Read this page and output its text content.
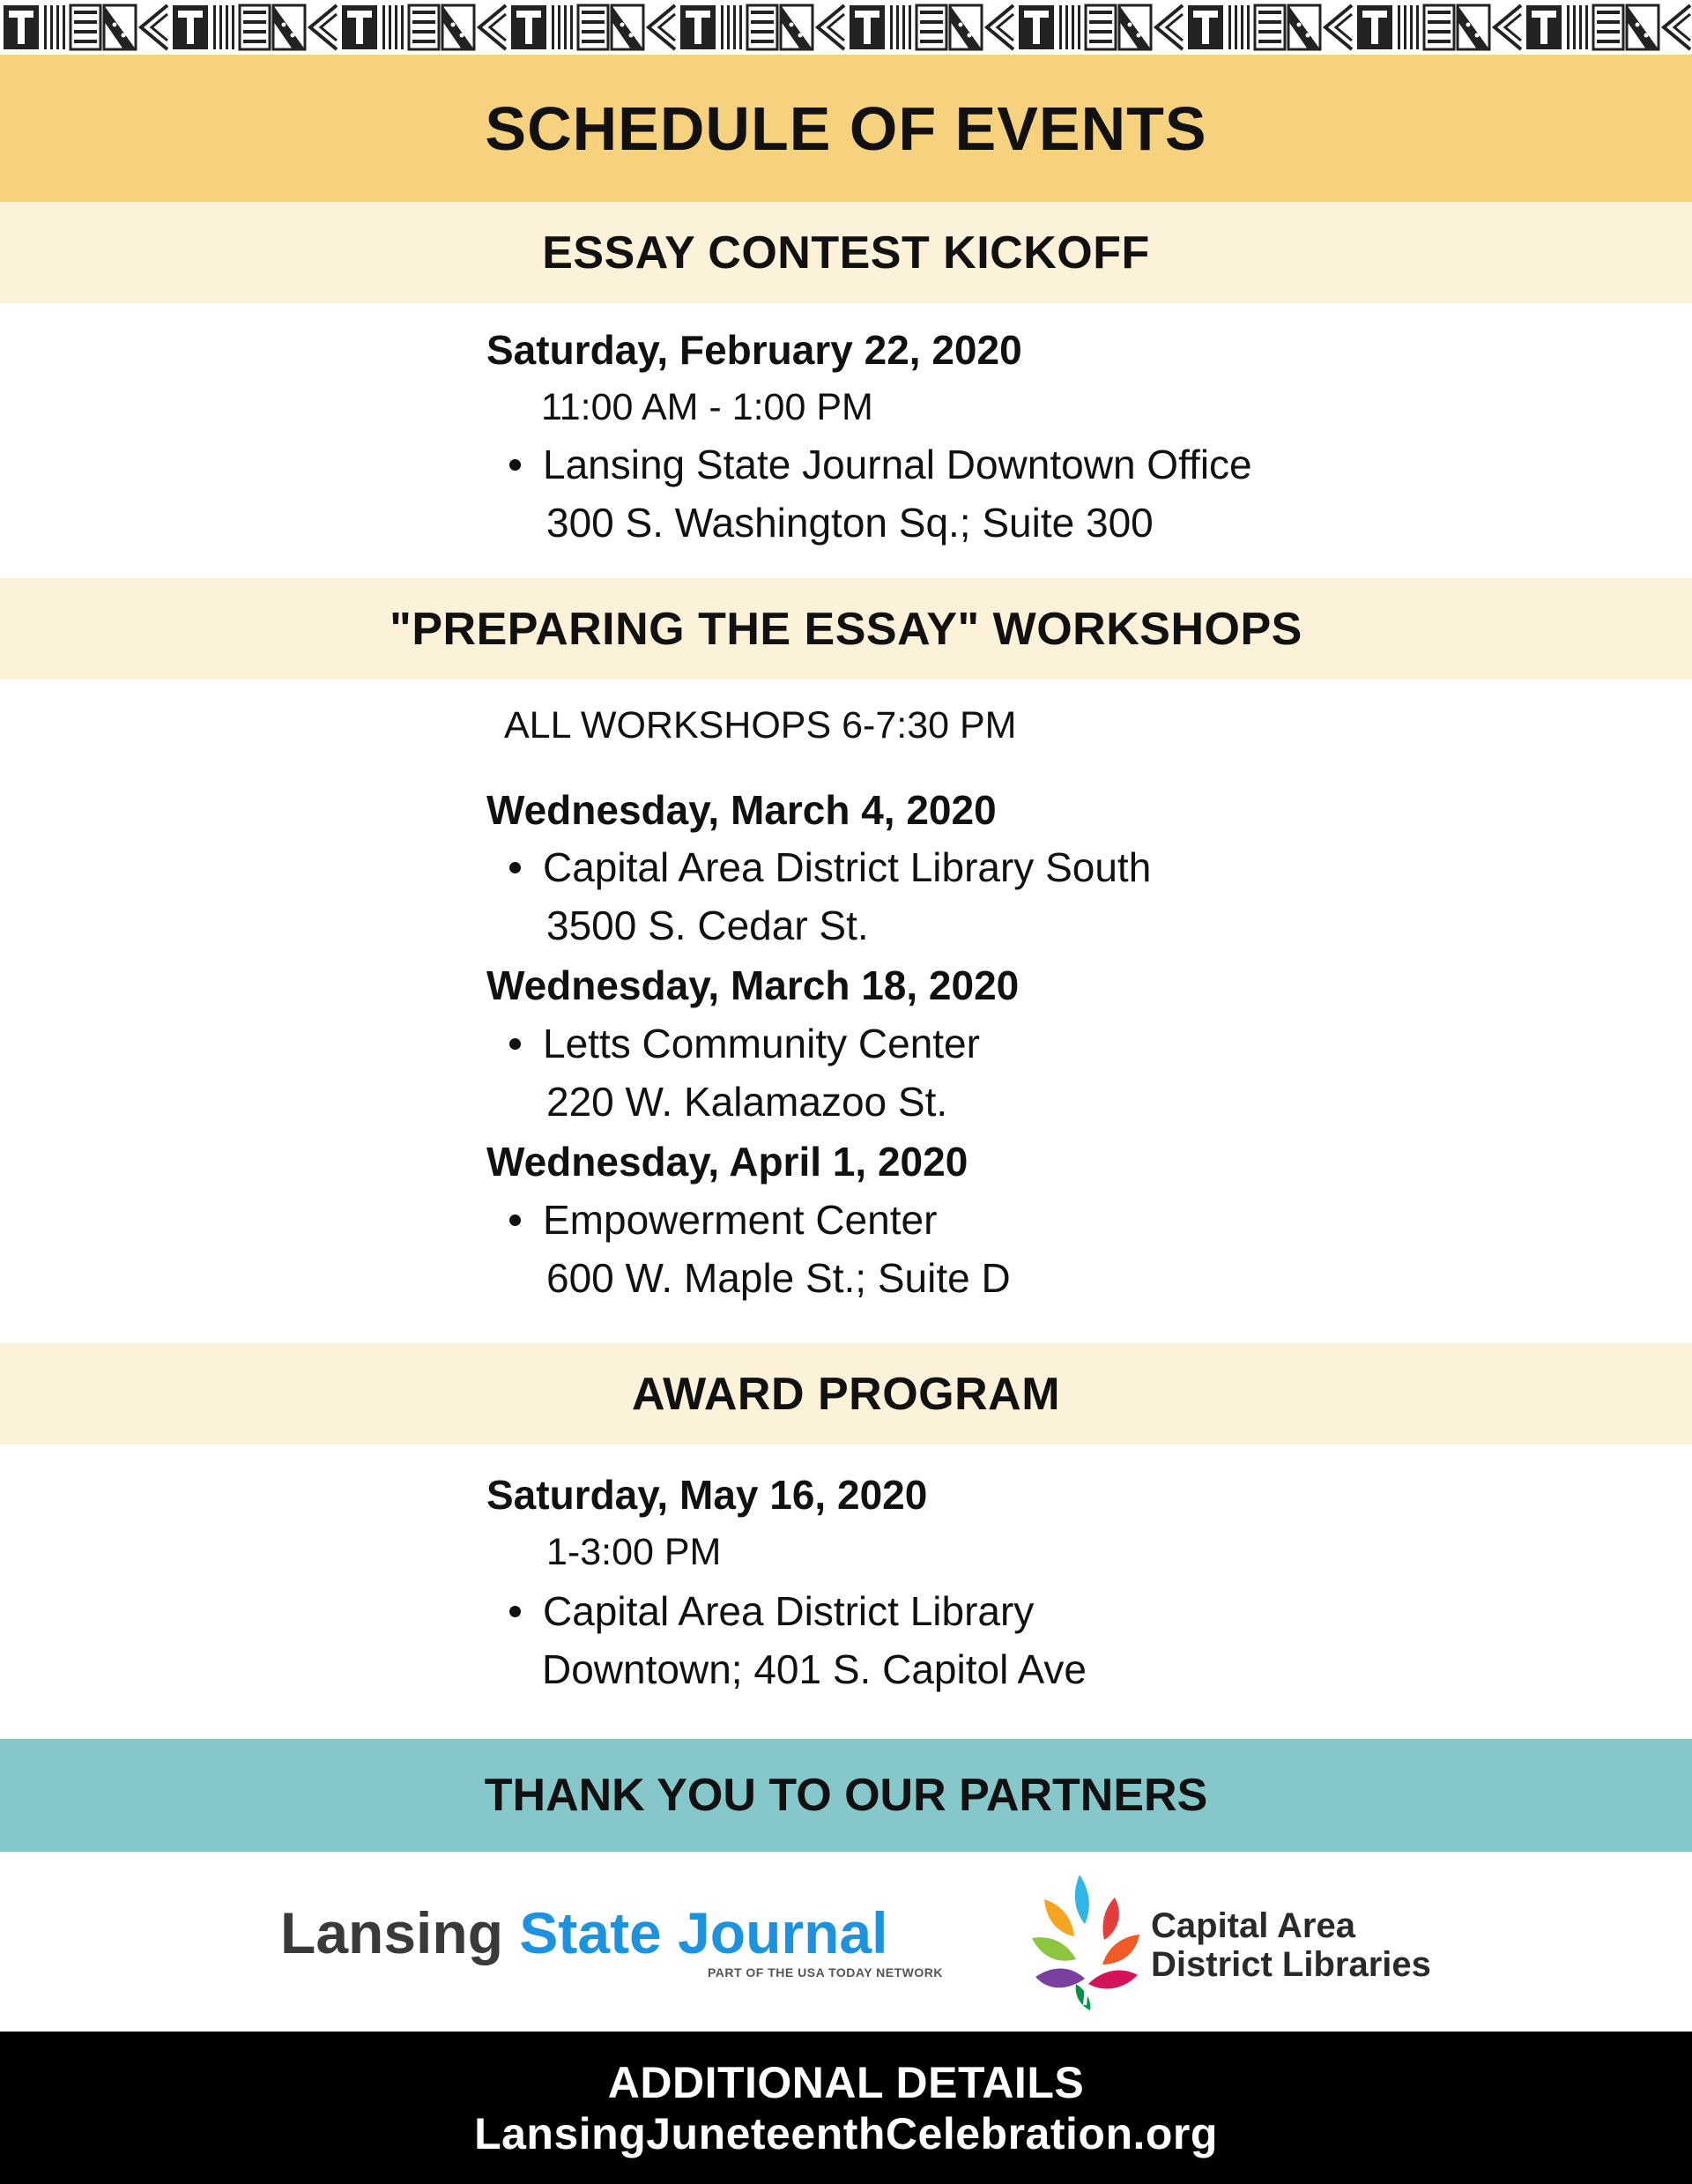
SCHEDULE OF EVENTS
ESSAY CONTEST KICKOFF
Saturday, February 22, 2020
11:00 AM - 1:00 PM
Lansing State Journal Downtown Office
300 S. Washington Sq.; Suite 300
"PREPARING THE ESSAY" WORKSHOPS
ALL WORKSHOPS 6-7:30 PM
Wednesday, March 4, 2020
Capital Area District Library South
3500 S. Cedar St.
Wednesday, March 18, 2020
Letts Community Center
220 W. Kalamazoo St.
Wednesday, April 1, 2020
Empowerment Center
600 W. Maple St.; Suite D
AWARD PROGRAM
Saturday, May 16, 2020
1-3:00 PM
Capital Area District Library
Downtown; 401 S. Capitol Ave
THANK YOU TO OUR PARTNERS
Lansing State Journal
PART OF THE USA TODAY NETWORK
Capital Area
District Libraries
ADDITIONAL DETAILS
LansingJuneteenthCelebration.org
